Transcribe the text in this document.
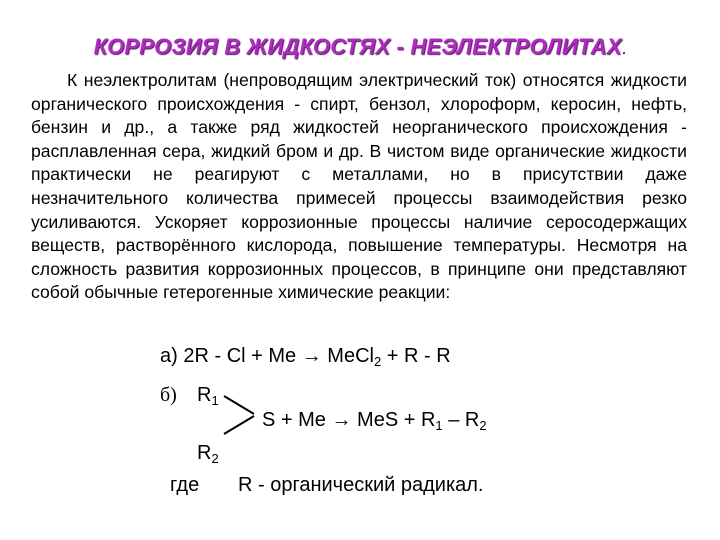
КОРРОЗИЯ В ЖИДКОСТЯХ - НЕЭЛЕКТРОЛИТАХ.
К неэлектролитам (непроводящим электрический ток) относятся жидкости органического происхождения - спирт, бензол, хлороформ, керосин, нефть, бензин и др., а также ряд жидкостей неорганического происхождения - расплавленная сера, жидкий бром и др. В чистом виде органические жидкости практически не реагируют с металлами, но в присутствии даже незначительного количества примесей процессы взаимодействия резко усиливаются. Ускоряет коррозионные процессы наличие серосодержащих веществ, растворённого кислорода, повышение температуры. Несмотря на сложность развития коррозионных процессов, в принципе они представляют собой обычные гетерогенные химические реакции:
а) 2R - Cl + Me → MeCl$_2$ + R - R
б) $R_1$
$R_2$
S + Me → MeS + $R_1 - R_2$
где R - органический радикал.
